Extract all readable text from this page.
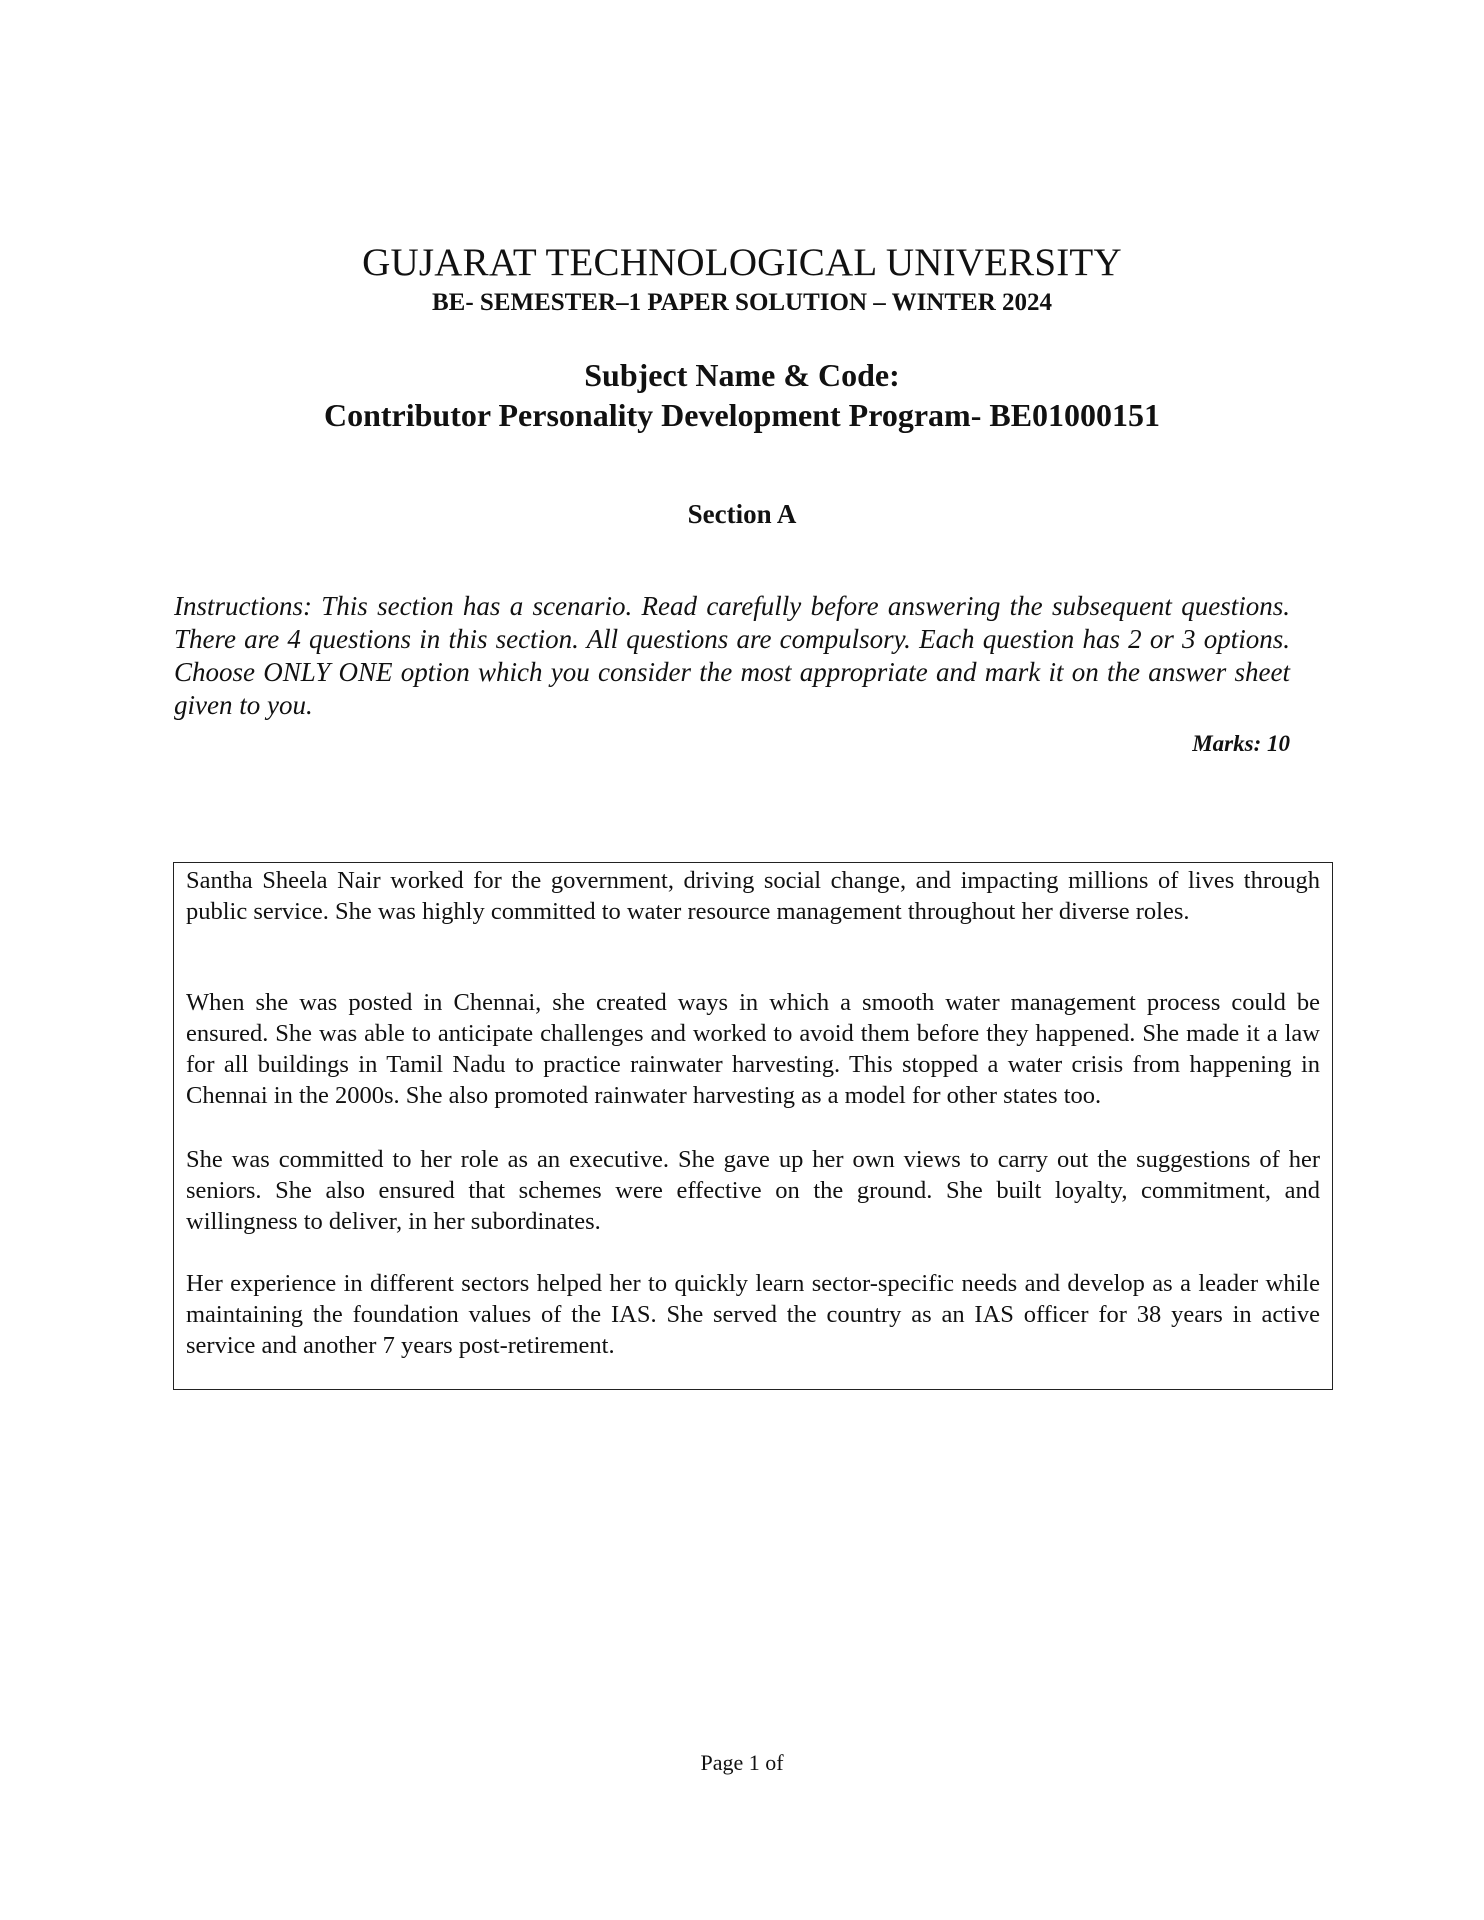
GUJARAT TECHNOLOGICAL UNIVERSITY
BE- SEMESTER–1 PAPER SOLUTION – WINTER 2024
Subject Name & Code:
Contributor Personality Development Program- BE01000151
Section A

Instructions: This section has a scenario. Read carefully before answering the subsequent questions. There are 4 questions in this section. All questions are compulsory. Each question has 2 or 3 options. Choose ONLY ONE option which you consider the most appropriate and mark it on the answer sheet given to you.

Marks: 10

Santha Sheela Nair worked for the government, driving social change, and impacting millions of lives through public service. She was highly committed to water resource management throughout her diverse roles.

When she was posted in Chennai, she created ways in which a smooth water management process could be ensured. She was able to anticipate challenges and worked to avoid them before they happened. She made it a law for all buildings in Tamil Nadu to practice rainwater harvesting. This stopped a water crisis from happening in Chennai in the 2000s. She also promoted rainwater harvesting as a model for other states too.

She was committed to her role as an executive. She gave up her own views to carry out the suggestions of her seniors. She also ensured that schemes were effective on the ground. She built loyalty, commitment, and willingness to deliver, in her subordinates.

Her experience in different sectors helped her to quickly learn sector-specific needs and develop as a leader while maintaining the foundation values of the IAS. She served the country as an IAS officer for 38 years in active service and another 7 years post-retirement.

Page 1 of
